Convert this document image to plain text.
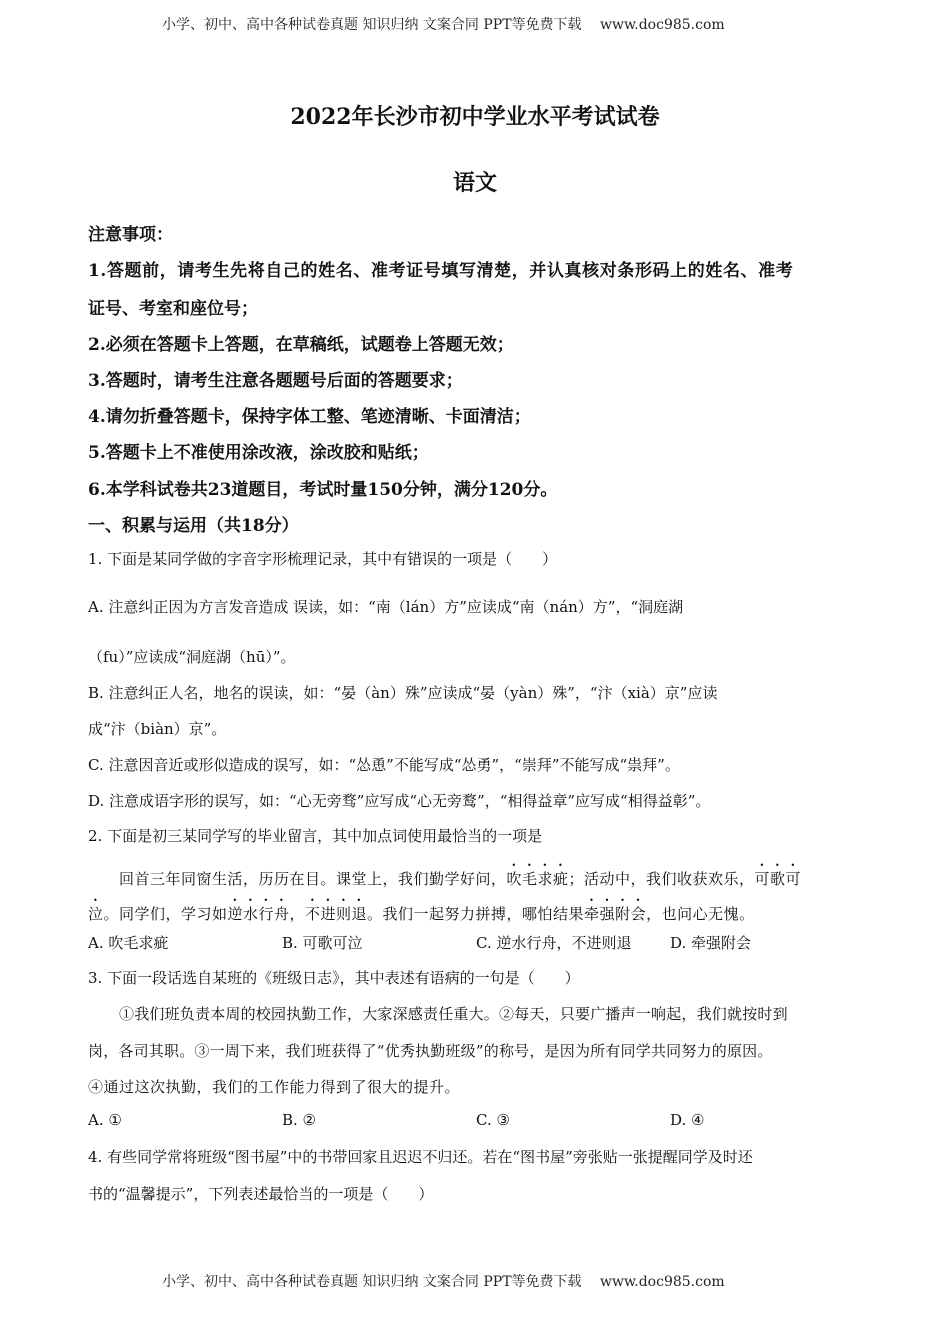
小学、初中、高中各种试卷真题 知识归纳 文案合同 PPT等免费下载 www.doc985.com
2022年长沙市初中学业水平考试试卷
语文
注意事项：
1.答题前，请考生先将自己的姓名、准考证号填写清楚，并认真核对条形码上的姓名、准考
证号、考室和座位号；
2.必须在答题卡上答题，在草稿纸，试题卷上答题无效；
3.答题时，请考生注意各题题号后面的答题要求；
4.请勿折叠答题卡，保持字体工整、笔迹清晰、卡面清洁；
5.答题卡上不准使用涂改液，涂改胶和贴纸；
6.本学科试卷共23道题目，考试时量150分钟，满分120分。
一、积累与运用（共18分）
1. 下面是某同学做的字音字形梳理记录，其中有错误的一项是（　　）
A. 注意纠正因为方言发音造成 误读，如：“南（lán）方”应读成“南（nán）方”，“洞庭湖
（fu）”应读成“洞庭湖（hū）”。
B. 注意纠正人名，地名的误读，如：“晏（àn）殊”应读成“晏（yàn）殊”，“汴（xià）京”应读
成“汴（biàn）京”。
C. 注意因音近或形似造成的误写，如：“怂恿”不能写成“怂勇”，“崇拜”不能写成“祟拜”。
D. 注意成语字形的误写，如：“心无旁骛”应写成“心无旁鹜”，“相得益章”应写成“相得益彰”。
2. 下面是初三某同学写的毕业留言，其中加点词使用最恰当的一项是
回首三年同窗生活，历历在目。课堂上，我们勤学好问，吹毛求疵；活动中，我们收获欢乐，可歌可
泣。同学们，学习如逆水行舟，不进则退。我们一起努力拼搏，哪怕结果牵强附会，也问心无愧。
A. 吹毛求疵	B. 可歌可泣	C. 逆水行舟，不进则退	D. 牵强附会
3. 下面一段话选自某班的《班级日志》，其中表述有语病的一句是（　　）
①我们班负责本周的校园执勤工作，大家深感责任重大。②每天，只要广播声一响起，我们就按时到
岗，各司其职。③一周下来，我们班获得了“优秀执勤班级”的称号，是因为所有同学共同努力的原因。
④通过这次执勤，我们的工作能力得到了很大的提升。
A. ①	B. ②	C. ③	D. ④
4. 有些同学常将班级“图书屋”中的书带回家且迟迟不归还。若在“图书屋”旁张贴一张提醒同学及时还
书的“温馨提示”，下列表述最恰当的一项是（　　）
小学、初中、高中各种试卷真题 知识归纳 文案合同 PPT等免费下载 www.doc985.com
